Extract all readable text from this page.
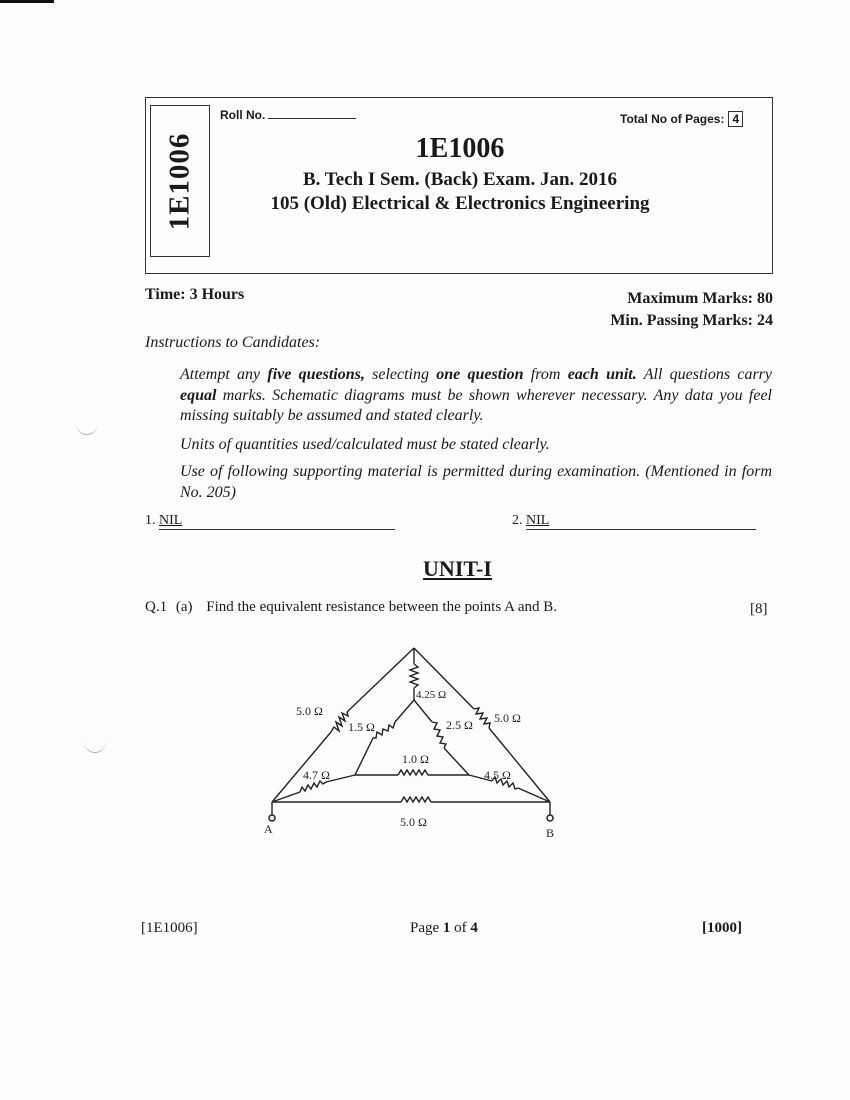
1E1006
Roll No.	Total No of Pages: 4
1E1006
B. Tech I Sem. (Back) Exam. Jan. 2016
105 (Old) Electrical & Electronics Engineering
Time: 3 Hours	Maximum Marks: 80
Min. Passing Marks: 24
Instructions to Candidates:
Attempt any five questions, selecting one question from each unit. All questions carry equal marks. Schematic diagrams must be shown wherever necessary. Any data you feel missing suitably be assumed and stated clearly.
Units of quantities used/calculated must be stated clearly.
Use of following supporting material is permitted during examination. (Mentioned in form No. 205)
1. NIL	2. NIL
UNIT-I
Q.1 (a) Find the equivalent resistance between the points A and B.	[8]
5.0 Ω	5.0 Ω
5.0 Ω
4.25 Ω
1.5 Ω	2.5 Ω
1.0 Ω
4.7 Ω	4.5 Ω
A	B
[1E1006]	Page 1 of 4	[1000]
